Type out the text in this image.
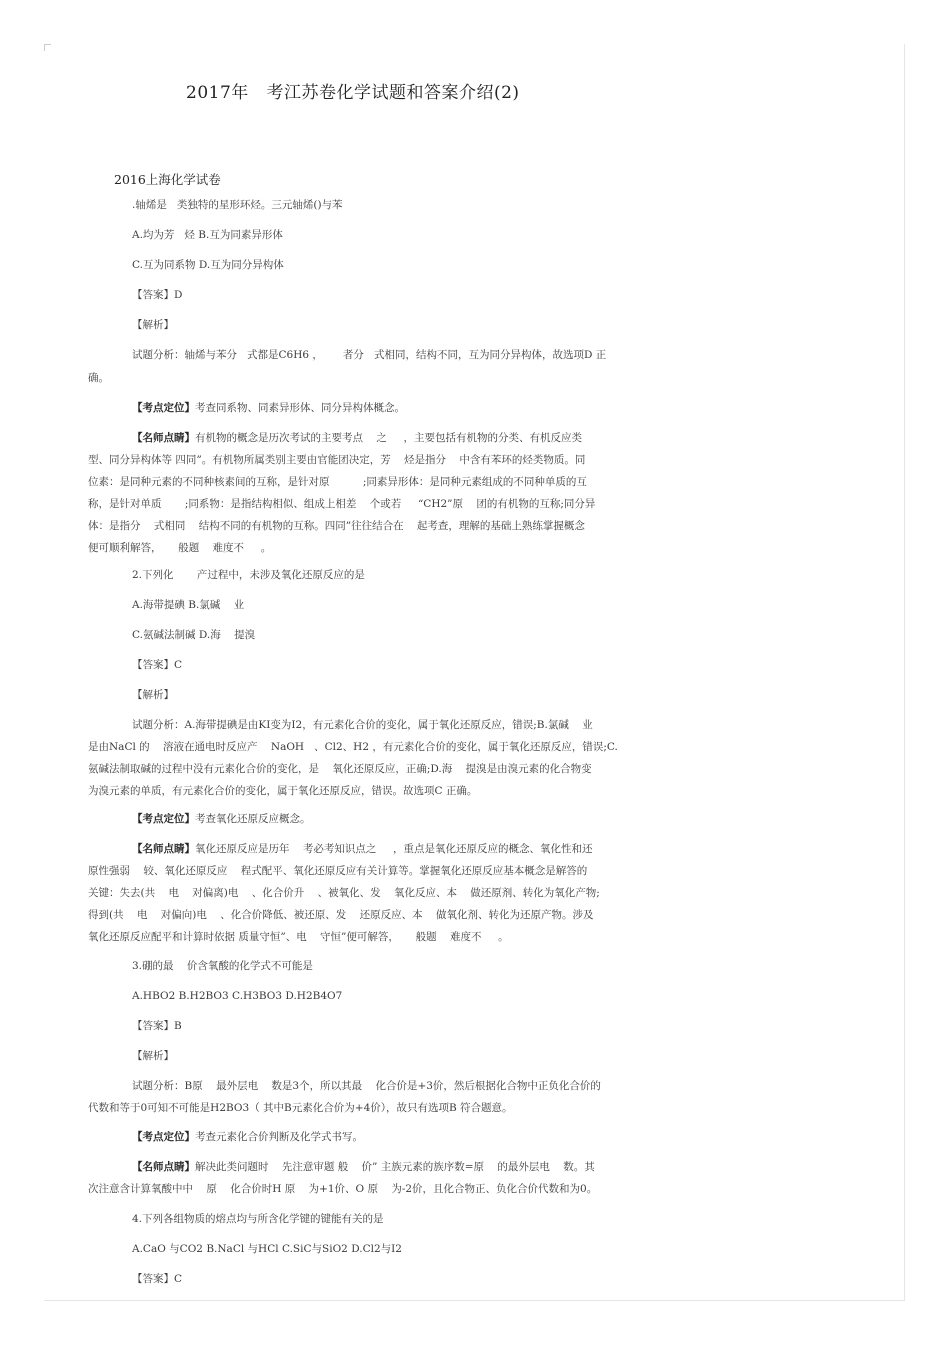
2017年   考江苏卷化学试题和答案介绍(2)
2016上海化学试卷
.轴烯是   类独特的星形环烃。三元轴烯()与苯
A.均为芳   烃 B.互为同素异形体
C.互为同系物 D.互为同分异构体
【答案】D
【解析】
试题分析：轴烯与苯分   式都是C6H6 ，      者分   式相同，结构不同，互为同分异构体，故选项D 正
确。
【考点定位】考查同系物、同素异形体、同分异构体概念。
【名师点睛】有机物的概念是历次考试的主要考点    之     ，主要包括有机物的分类、有机反应类
型、同分异构体等 四同”。有机物所属类别主要由官能团决定，芳    烃是指分    中含有苯环的烃类物质。同
位素：是同种元素的不同种核素间的互称，是针对原          ;同素异形体：是同种元素组成的不同种单质的互
称，是针对单质       ;同系物：是指结构相似、组成上相差    个或若     “CH2”原    团的有机物的互称;同分异
体：是指分    式相同    结构不同的有机物的互称。四同”往往结合在    起考查，理解的基础上熟练掌握概念
便可顺利解答，     般题    难度不     。
2.下列化       产过程中，未涉及氧化还原反应的是
A.海带提碘 B.氯碱    业
C.氨碱法制碱 D.海    提溴
【答案】C
【解析】
试题分析：A.海带提碘是由KI变为I2，有元素化合价的变化，属于氧化还原反应，错误;B.氯碱    业
是由NaCl 的    溶液在通电时反应产    NaOH   、Cl2、H2 ，有元素化合价的变化，属于氧化还原反应，错误;C.
氨碱法制取碱的过程中没有元素化合价的变化，是    氧化还原反应，正确;D.海    提溴是由溴元素的化合物变
为溴元素的单质，有元素化合价的变化，属于氧化还原反应，错误。故选项C 正确。
【考点定位】考查氧化还原反应概念。
【名师点睛】氧化还原反应是历年    考必考知识点之     ，重点是氧化还原反应的概念、氧化性和还
原性强弱    较、氧化还原反应    程式配平、氧化还原反应有关计算等。掌握氧化还原反应基本概念是解答的
关键：失去(共    电    对偏离)电    、化合价升    、被氧化、发    氧化反应、本    做还原剂、转化为氧化产物;
得到(共    电    对偏向)电    、化合价降低、被还原、发    还原反应、本    做氧化剂、转化为还原产物。涉及
氧化还原反应配平和计算时依据 质量守恒”、电    守恒”便可解答，     般题    难度不     。
3.硼的最    价含氧酸的化学式不可能是
A.HBO2 B.H2BO3 C.H3BO3 D.H2B4O7
【答案】B
【解析】
试题分析：B原    最外层电    数是3个，所以其最    化合价是+3价，然后根据化合物中正负化合价的
代数和等于0可知不可能是H2BO3（ 其中B元素化合价为+4价），故只有选项B 符合题意。
【考点定位】考查元素化合价判断及化学式书写。
【名师点睛】解决此类问题时    先注意审题 般    价” 主族元素的族序数=原    的最外层电    数。其
次注意含计算氧酸中中    原    化合价时H 原    为+1价、O 原    为-2价，且化合物正、负化合价代数和为0。
4.下列各组物质的熔点均与所含化学键的键能有关的是
A.CaO 与CO2 B.NaCl 与HCl C.SiC与SiO2 D.Cl2与I2
【答案】C
